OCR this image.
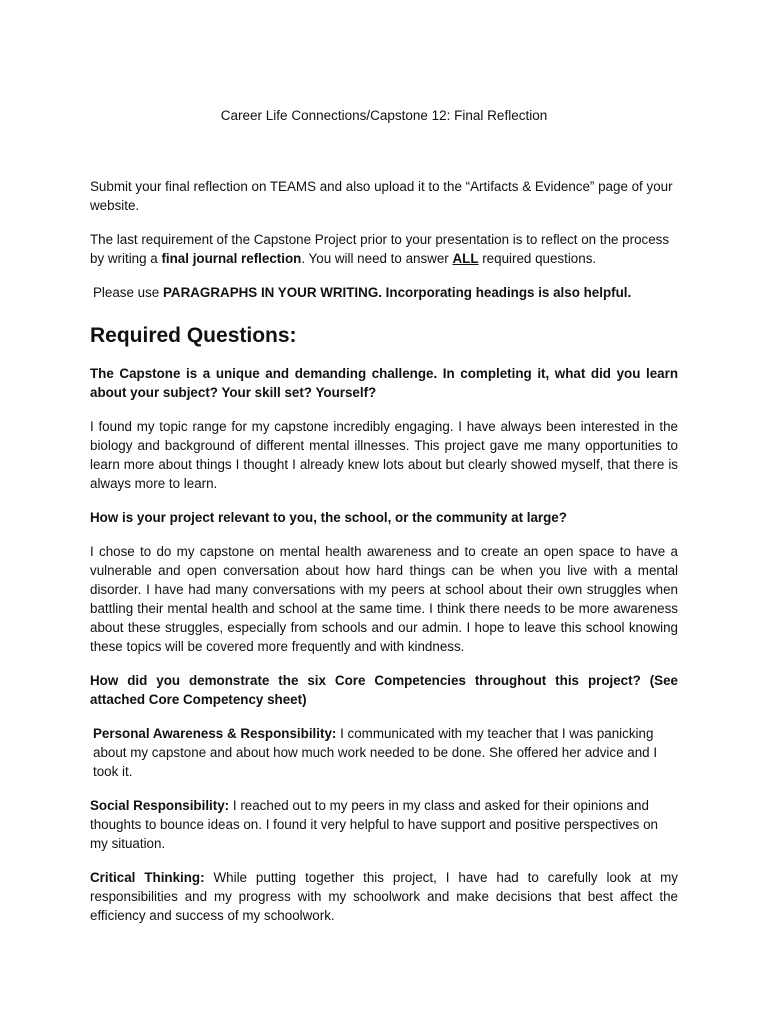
Career Life Connections/Capstone 12: Final Reflection

Submit your final reflection on TEAMS and also upload it to the “Artifacts & Evidence” page of your website.

The last requirement of the Capstone Project prior to your presentation is to reflect on the process by writing a final journal reflection. You will need to answer ALL required questions.

Please use PARAGRAPHS IN YOUR WRITING. Incorporating headings is also helpful.

Required Questions:

The Capstone is a unique and demanding challenge. In completing it, what did you learn about your subject? Your skill set? Yourself?

I found my topic range for my capstone incredibly engaging. I have always been interested in the biology and background of different mental illnesses. This project gave me many opportunities to learn more about things I thought I already knew lots about but clearly showed myself, that there is always more to learn.

How is your project relevant to you, the school, or the community at large?

I chose to do my capstone on mental health awareness and to create an open space to have a vulnerable and open conversation about how hard things can be when you live with a mental disorder. I have had many conversations with my peers at school about their own struggles when battling their mental health and school at the same time. I think there needs to be more awareness about these struggles, especially from schools and our admin. I hope to leave this school knowing these topics will be covered more frequently and with kindness.

How did you demonstrate the six Core Competencies throughout this project? (See attached Core Competency sheet)

Personal Awareness & Responsibility: I communicated with my teacher that I was panicking about my capstone and about how much work needed to be done. She offered her advice and I took it.

Social Responsibility: I reached out to my peers in my class and asked for their opinions and thoughts to bounce ideas on. I found it very helpful to have support and positive perspectives on my situation.

Critical Thinking: While putting together this project, I have had to carefully look at my responsibilities and my progress with my schoolwork and make decisions that best affect the efficiency and success of my schoolwork.
